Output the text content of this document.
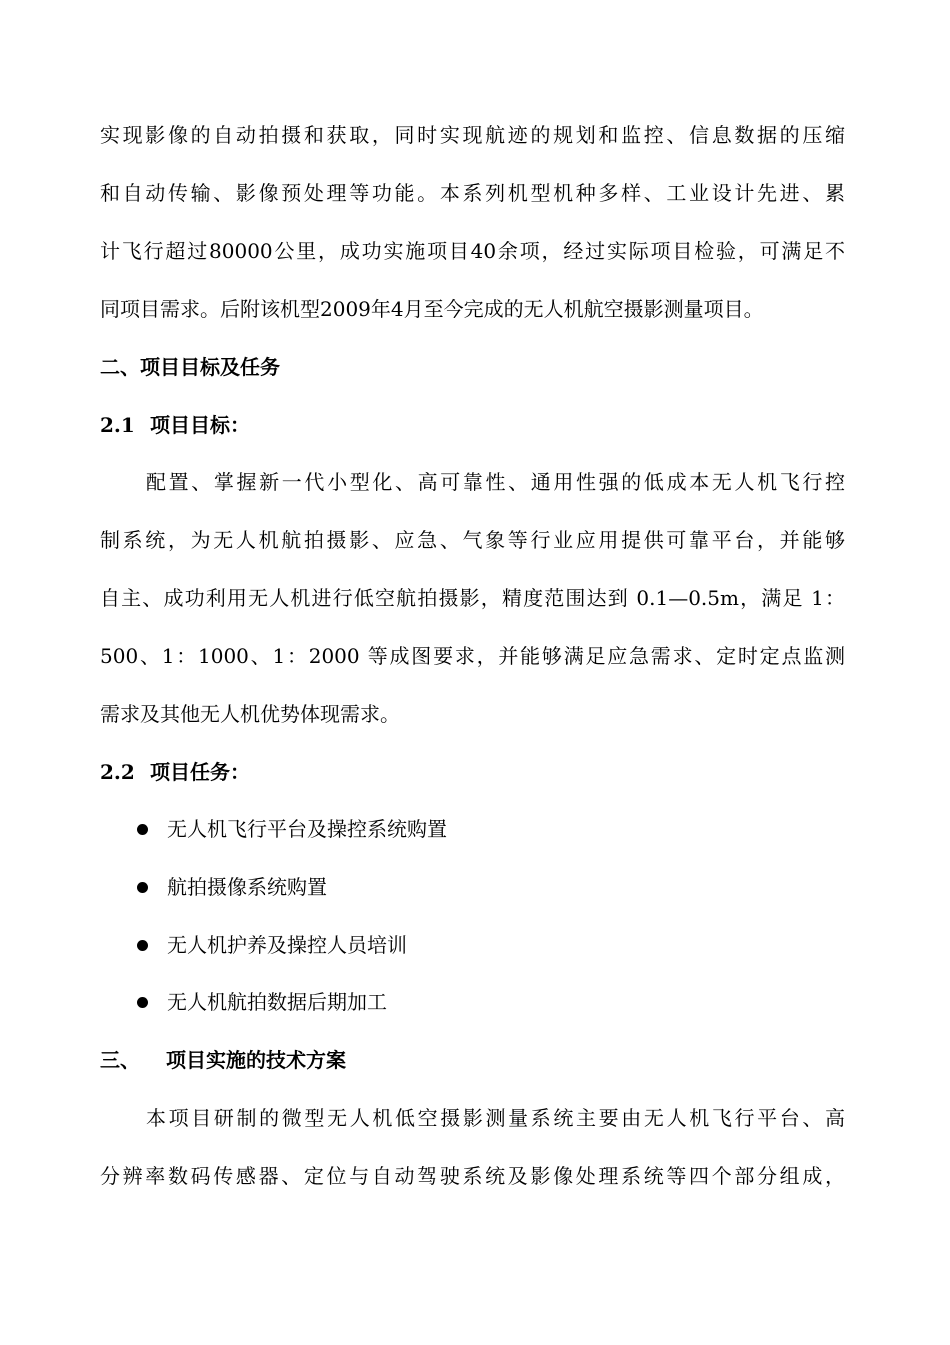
实现影像的自动拍摄和获取，同时实现航迹的规划和监控、信息数据的压缩
和自动传输、影像预处理等功能。本系列机型机种多样、工业设计先进、累
计飞行超过80000公里，成功实施项目40余项，经过实际项目检验，可满足不
同项目需求。后附该机型2009年4月至今完成的无人机航空摄影测量项目。
二、项目目标及任务
2.1 项目目标：
配置、掌握新一代小型化、高可靠性、通用性强的低成本无人机飞行控
制系统，为无人机航拍摄影、应急、气象等行业应用提供可靠平台，并能够
自主、成功利用无人机进行低空航拍摄影，精度范围达到 0.1—0.5m，满足 1：
500、1：1000、1：2000 等成图要求，并能够满足应急需求、定时定点监测
需求及其他无人机优势体现需求。
2.2 项目任务：
无人机飞行平台及操控系统购置
航拍摄像系统购置
无人机护养及操控人员培训
无人机航拍数据后期加工
三、 项目实施的技术方案
本项目研制的微型无人机低空摄影测量系统主要由无人机飞行平台、高
分辨率数码传感器、定位与自动驾驶系统及影像处理系统等四个部分组成，
